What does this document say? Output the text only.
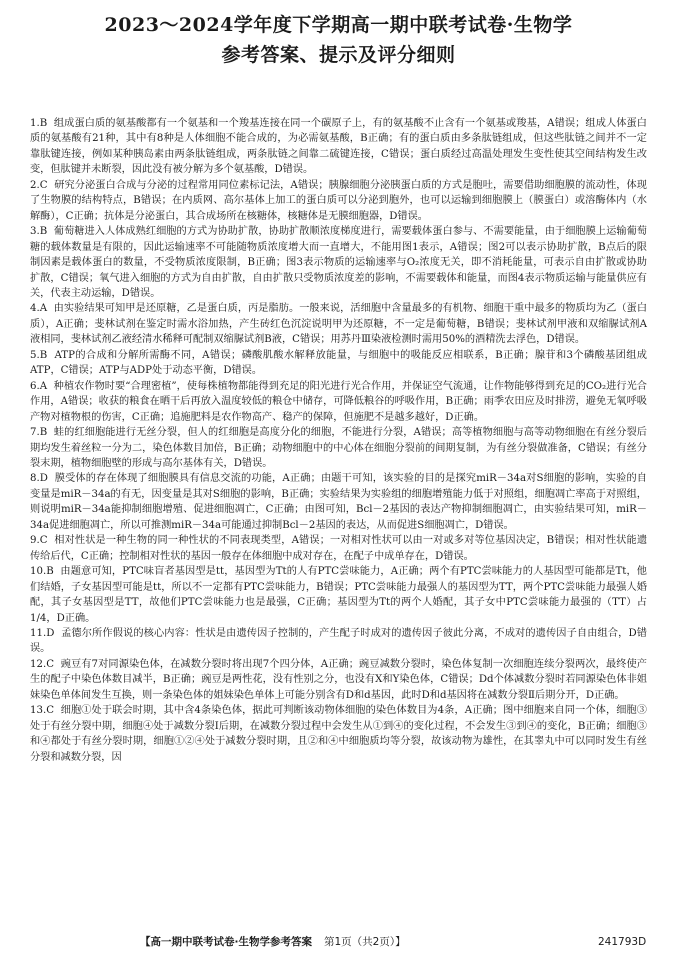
2023～2024学年度下学期高一期中联考试卷·生物学

参考答案、提示及评分细则

1.B 组成蛋白质的氨基酸都有一个氨基和一个羧基连接在同一个碳原子上，有的氨基酸不止含有一个氨基或羧基，A错误；组成人体蛋白质的氨基酸有21种，其中有8种是人体细胞不能合成的，为必需氨基酸，B正确；有的蛋白质由多条肽链组成，但这些肽链之间并不一定靠肽键连接，例如某种胰岛素由两条肽链组成，两条肽链之间靠二硫键连接，C错误；蛋白质经过高温处理发生变性使其空间结构发生改变，但肽键并未断裂，因此没有被分解为多个氨基酸，D错误。

2.C 研究分泌蛋白合成与分泌的过程常用同位素标记法，A错误；胰腺细胞分泌胰蛋白质的方式是胞吐，需要借助细胞膜的流动性，体现了生物膜的结构特点，B错误；在内质网、高尔基体上加工的蛋白质可以分泌到胞外，也可以运输到细胞膜上（膜蛋白）或溶酶体内（水解酶），C正确；抗体是分泌蛋白，其合成场所在核糖体，核糖体是无膜细胞器，D错误。

3.B 葡萄糖进入人体成熟红细胞的方式为协助扩散，协助扩散顺浓度梯度进行，需要载体蛋白参与、不需要能量，由于细胞膜上运输葡萄糖的载体数量是有限的，因此运输速率不可能随物质浓度增大而一直增大，不能用图1表示，A错误；图2可以表示协助扩散，B点后的限制因素是载体蛋白的数量，不受物质浓度限制，B正确；图3表示物质的运输速率与O₂浓度无关，即不消耗能量，可表示自由扩散或协助扩散，C错误；氧气进入细胞的方式为自由扩散，自由扩散只受物质浓度差的影响，不需要载体和能量，而图4表示物质运输与能量供应有关，代表主动运输，D错误。

4.A 由实验结果可知甲是还原糖，乙是蛋白质，丙是脂肪。一般来说，活细胞中含量最多的有机物、细胞干重中最多的物质均为乙（蛋白质），A正确；斐林试剂在鉴定时需水浴加热，产生砖红色沉淀说明甲为还原糖，不一定是葡萄糖，B错误；斐林试剂甲液和双缩脲试剂A液相同，斐林试剂乙液经清水稀释可配制双缩脲试剂B液，C错误；用苏丹Ⅲ染液检测时需用50%的酒精洗去浮色，D错误。

5.B ATP的合成和分解所需酶不同，A错误；磷酸肌酸水解释放能量，与细胞中的吸能反应相联系，B正确；腺苷和3个磷酸基团组成ATP，C错误；ATP与ADP处于动态平衡，D错误。

6.A 种植农作物时要“合理密植”，使每株植物都能得到充足的阳光进行光合作用，并保证空气流通，让作物能够得到充足的CO₂进行光合作用，A错误；收获的粮食在晒干后再放入温度较低的粮仓中储存，可降低粮谷的呼吸作用，B正确；雨季农田应及时排涝，避免无氧呼吸产物对植物根的伤害，C正确；追施肥料是农作物高产、稳产的保障，但施肥不是越多越好，D正确。

7.B 蛙的红细胞能进行无丝分裂，但人的红细胞是高度分化的细胞，不能进行分裂，A错误；高等植物细胞与高等动物细胞在有丝分裂后期均发生着丝粒一分为二，染色体数目加倍，B正确；动物细胞中的中心体在细胞分裂前的间期复制，为有丝分裂做准备，C错误；有丝分裂末期，植物细胞壁的形成与高尔基体有关，D错误。

8.D 膜受体的存在体现了细胞膜具有信息交流的功能，A正确；由题干可知，该实验的目的是探究miR－34a对S细胞的影响，实验的自变量是miR－34a的有无，因变量是其对S细胞的影响，B正确；实验结果为实验组的细胞增殖能力低于对照组，细胞凋亡率高于对照组，则说明miR－34a能抑制细胞增殖、促进细胞凋亡，C正确；由图可知，Bcl－2基因的表达产物抑制细胞凋亡，由实验结果可知，miR－34a促进细胞凋亡，所以可推测miR－34a可能通过抑制Bcl－2基因的表达，从而促进S细胞凋亡，D错误。

9.C 相对性状是一种生物的同一种性状的不同表现类型，A错误；一对相对性状可以由一对或多对等位基因决定，B错误；相对性状能遗传给后代，C正确；控制相对性状的基因一般存在体细胞中成对存在，在配子中成单存在，D错误。

10.B 由题意可知，PTC味盲者基因型是tt，基因型为Tt的人有PTC尝味能力，A正确；两个有PTC尝味能力的人基因型可能都是Tt，他们结婚，子女基因型可能是tt，所以不一定都有PTC尝味能力，B错误；PTC尝味能力最强人的基因型为TT，两个PTC尝味能力最强人婚配，其子女基因型是TT，故他们PTC尝味能力也是最强，C正确；基因型为Tt的两个人婚配，其子女中PTC尝味能力最强的（TT）占1/4，D正确。

11.D 孟德尔所作假说的核心内容：性状是由遗传因子控制的，产生配子时成对的遗传因子彼此分离，不成对的遗传因子自由组合，D错误。

12.C 豌豆有7对同源染色体，在减数分裂时将出现7个四分体，A正确；豌豆减数分裂时，染色体复制一次细胞连续分裂两次，最终使产生的配子中染色体数目减半，B正确；豌豆是两性花，没有性别之分，也没有X和Y染色体，C错误；Dd个体减数分裂时若同源染色体非姐妹染色单体间发生互换，则一条染色体的姐妹染色单体上可能分别含有D和d基因，此时D和d基因将在减数分裂Ⅱ后期分开，D正确。

13.C 细胞①处于联会时期，其中含4条染色体，据此可判断该动物体细胞的染色体数目为4条，A正确；图中细胞来自同一个体，细胞③处于有丝分裂中期，细胞④处于减数分裂Ⅰ后期，在减数分裂过程中会发生从①到④的变化过程，不会发生③到④的变化，B正确；细胞③和④都处于有丝分裂时期，细胞①②④处于减数分裂时期，且②和④中细胞质均等分裂，故该动物为雄性，在其睾丸中可以同时发生有丝分裂和减数分裂，因

【高一期中联考试卷·生物学参考答案 第1页（共2页）】	241793D
